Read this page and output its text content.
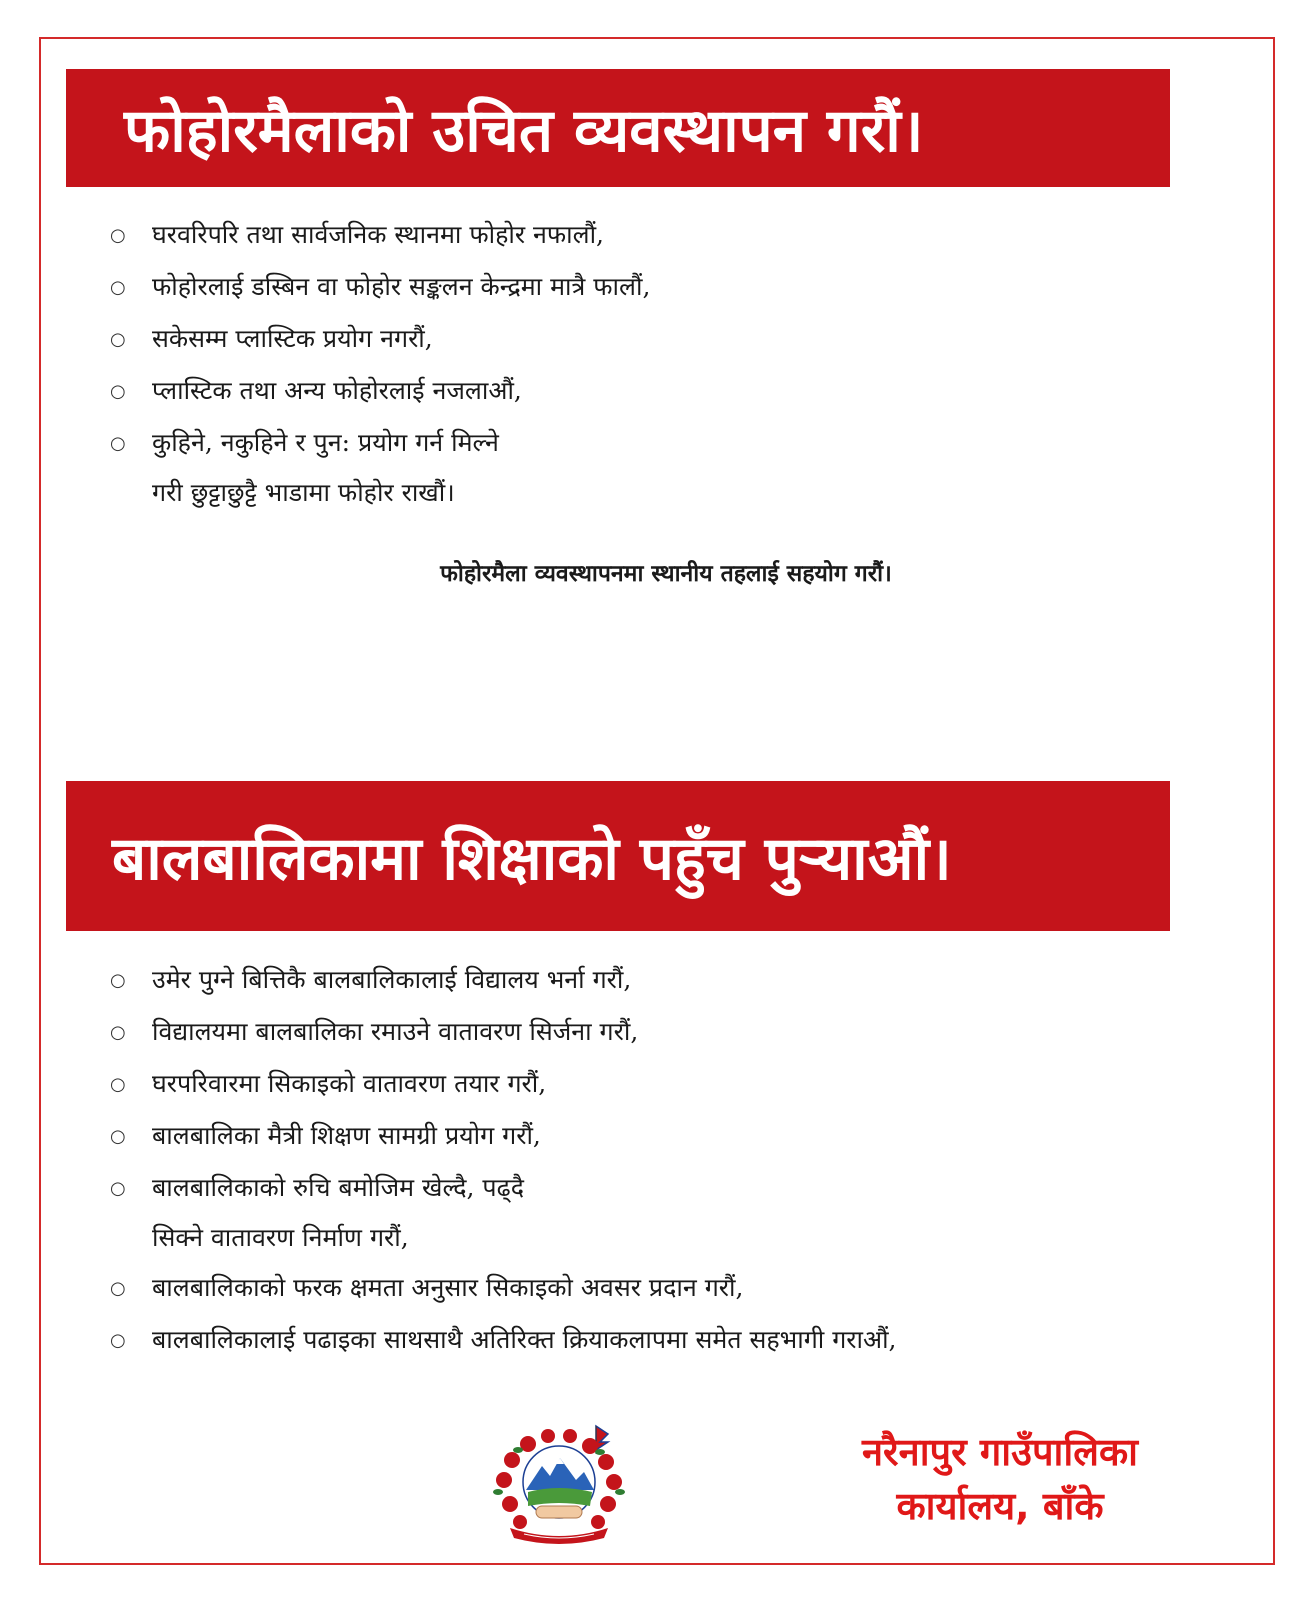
फोहोरमैलाको उचित व्यवस्थापन गरौं।
○	घरवरिपरि तथा सार्वजनिक स्थानमा फोहोर नफालौं,
○	फोहोरलाई डस्बिन वा फोहोर सङ्कलन केन्द्रमा मात्रै फालौं,
○	सकेसम्म प्लास्टिक प्रयोग नगरौं,
○	प्लास्टिक तथा अन्य फोहोरलाई नजलाऔं,
○	कुहिने, नकुहिने र पुन: प्रयोग गर्न मिल्ने
गरी छुट्टाछुट्टै भाडामा फोहोर राखौं।
फोहोरमैला व्यवस्थापनमा स्थानीय तहलाई सहयोग गरौं।
बालबालिकामा शिक्षाको पहुँच पुर्‍याऔं।
○	उमेर पुग्ने बित्तिकै बालबालिकालाई विद्यालय भर्ना गरौं,
○	विद्यालयमा बालबालिका रमाउने वातावरण सिर्जना गरौं,
○	घरपरिवारमा सिकाइको वातावरण तयार गरौं,
○	बालबालिका मैत्री शिक्षण सामग्री प्रयोग गरौं,
○	बालबालिकाको रुचि बमोजिम खेल्दै, पढ्दै
सिक्ने वातावरण निर्माण गरौं,
○	बालबालिकाको फरक क्षमता अनुसार सिकाइको अवसर प्रदान गरौं,
○	बालबालिकालाई पढाइका साथसाथै अतिरिक्त क्रियाकलापमा समेत सहभागी गराऔं,
नरैनापुर गाउँपालिका
कार्यालय, बाँके
